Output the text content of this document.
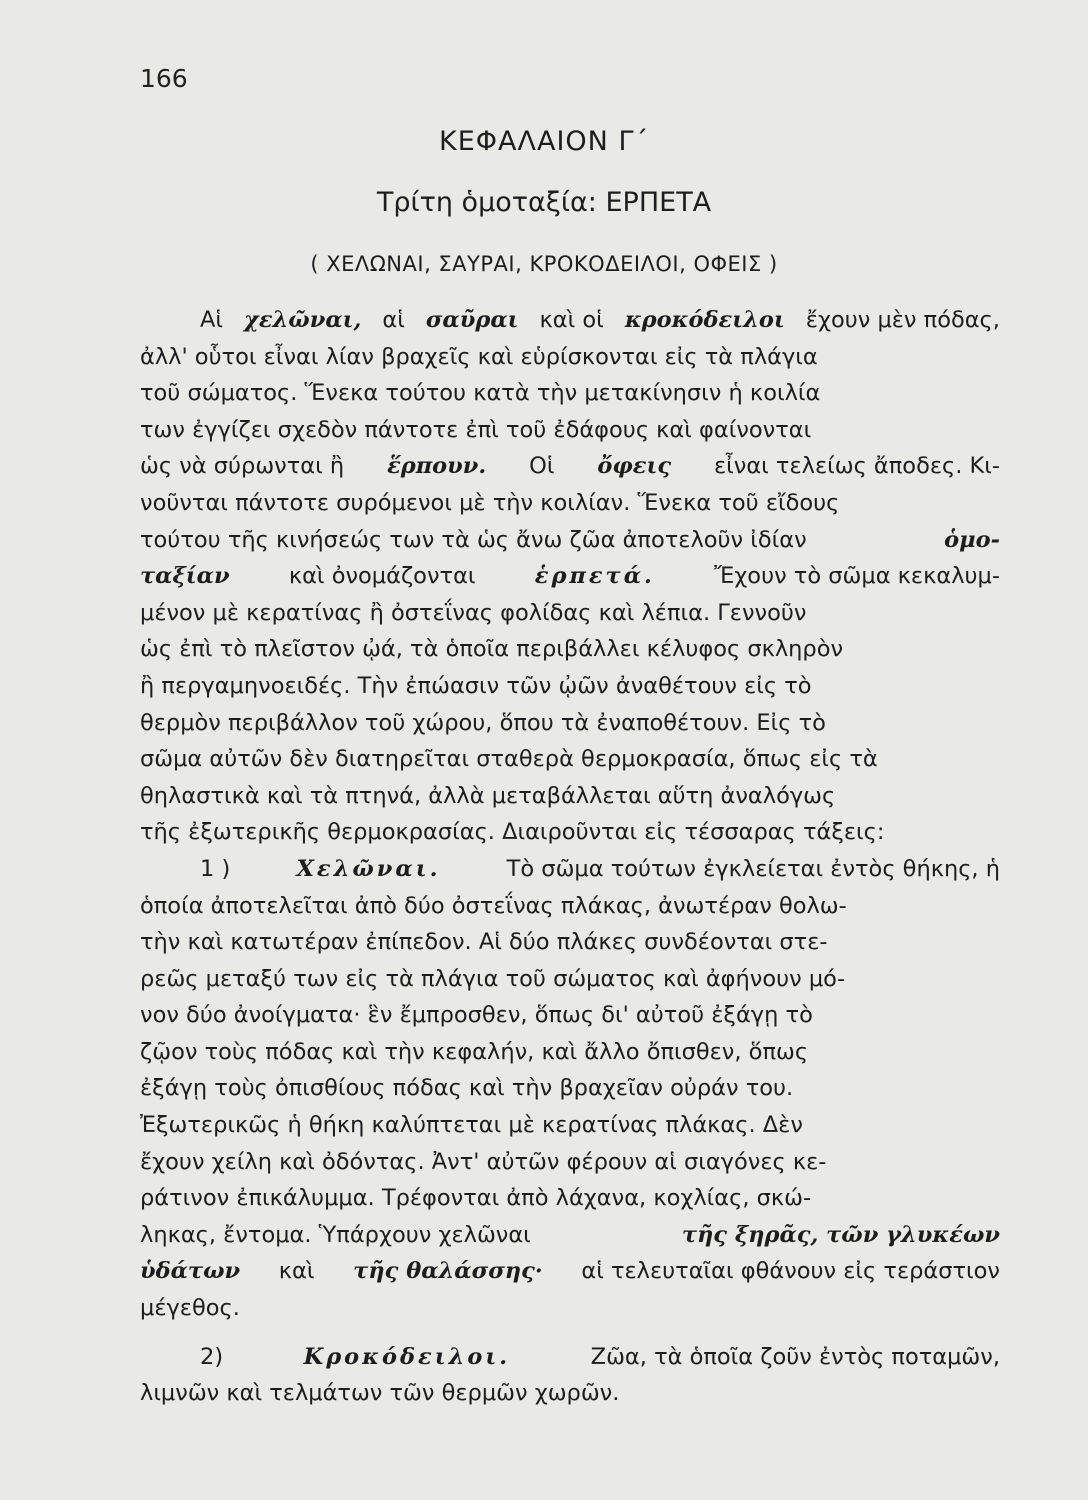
166
ΚΕΦΑΛΑΙΟΝ Γ΄
Τρίτη ὁμοταξία: ΕΡΠΕΤΑ
( ΧΕΛΩΝΑΙ, ΣΑΥΡΑΙ, ΚΡΟΚΟΔΕΙΛΟΙ, ΟΦΕΙΣ )
Αἱ χελῶναι, αἱ σαῦραι καὶ οἱ κροκόδειλοι ἔχουν μὲν πόδας,
ἀλλ' οὗτοι εἶναι λίαν βραχεῖς καὶ εὑρίσκονται εἰς τὰ πλάγια
τοῦ σώματος. Ἕνεκα τούτου κατὰ τὴν μετακίνησιν ἡ κοιλία
των ἐγγίζει σχεδὸν πάντοτε ἐπὶ τοῦ ἐδάφους καὶ φαίνονται
ὡς νὰ σύρωνται ἢ ἕρπουν. Οἱ ὄφεις εἶναι τελείως ἄποδες. Κι-
νοῦνται πάντοτε συρόμενοι μὲ τὴν κοιλίαν. Ἕνεκα τοῦ εἴδους
τούτου τῆς κινήσεώς των τὰ ὡς ἄνω ζῶα ἀποτελοῦν ἰδίαν	ὁμο-
ταξίαν	καὶ ὀνομάζονται	ἑρπετά.	Ἔχουν τὸ σῶμα κεκαλυμ-
μένον μὲ κερατίνας ἢ ὀστεΐνας φολίδας καὶ λέπια. Γεννοῦν
ὡς ἐπὶ τὸ πλεῖστον ᾠά, τὰ ὁποῖα περιβάλλει κέλυφος σκληρὸν
ἢ περγαμηνοειδές. Τὴν ἐπώασιν τῶν ᾠῶν ἀναθέτουν εἰς τὸ
θερμὸν περιβάλλον τοῦ χώρου, ὅπου τὰ ἐναποθέτουν. Εἰς τὸ
σῶμα αὐτῶν δὲν διατηρεῖται σταθερὰ θερμοκρασία, ὅπως εἰς τὰ
θηλαστικὰ καὶ τὰ πτηνά, ἀλλὰ μεταβάλλεται αὕτη ἀναλόγως
τῆς ἐξωτερικῆς θερμοκρασίας. Διαιροῦνται εἰς τέσσαρας τάξεις:
1 )	Χελῶναι.	Τὸ σῶμα τούτων ἐγκλείεται ἐντὸς θήκης, ἡ
ὁποία ἀποτελεῖται ἀπὸ δύο ὀστεΐνας πλάκας, ἀνωτέραν θολω-
τὴν καὶ κατωτέραν ἐπίπεδον. Αἱ δύο πλάκες συνδέονται στε-
ρεῶς μεταξύ των εἰς τὰ πλάγια τοῦ σώματος καὶ ἀφήνουν μό-
νον δύο ἀνοίγματα· ἓν ἔμπροσθεν, ὅπως δι' αὐτοῦ ἐξάγῃ τὸ
ζῷον τοὺς πόδας καὶ τὴν κεφαλήν, καὶ ἄλλο ὄπισθεν, ὅπως
ἐξάγῃ τοὺς ὀπισθίους πόδας καὶ τὴν βραχεῖαν οὐράν του.
Ἐξωτερικῶς ἡ θήκη καλύπτεται μὲ κερατίνας πλάκας. Δὲν
ἔχουν χείλη καὶ ὀδόντας. Ἀντ' αὐτῶν φέρουν αἱ σιαγόνες κε-
ράτινον ἐπικάλυμμα. Τρέφονται ἀπὸ λάχανα, κοχλίας, σκώ-
ληκας, ἔντομα. Ὑπάρχουν χελῶναι	τῆς ξηρᾶς, τῶν γλυκέων
ὑδάτων καὶ τῆς θαλάσσης· αἱ τελευταῖαι φθάνουν εἰς τεράστιον
μέγεθος.
2)	Κροκόδειλοι.	Ζῶα, τὰ ὁποῖα ζοῦν ἐντὸς ποταμῶν,
λιμνῶν καὶ τελμάτων τῶν θερμῶν χωρῶν.
